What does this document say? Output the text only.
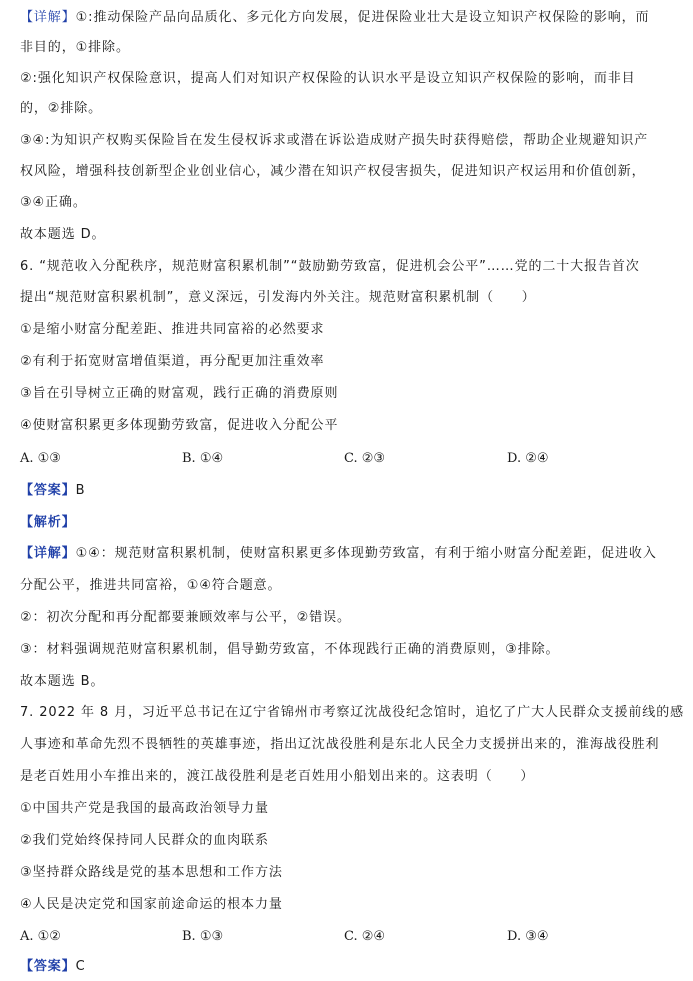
【详解】①:推动保险产品向品质化、多元化方向发展，促进保险业壮大是设立知识产权保险的影响，而
非目的，①排除。
②:强化知识产权保险意识，提高人们对知识产权保险的认识水平是设立知识产权保险的影响，而非目
的，②排除。
③④:为知识产权购买保险旨在发生侵权诉求或潜在诉讼造成财产损失时获得赔偿，帮助企业规避知识产
权风险，增强科技创新型企业创业信心，减少潜在知识产权侵害损失，促进知识产权运用和价值创新，
③④正确。
故本题选 D。
6. “规范收入分配秩序，规范财富积累机制”“鼓励勤劳致富，促进机会公平”……党的二十大报告首次
提出“规范财富积累机制”，意义深远，引发海内外关注。规范财富积累机制（　　）
①是缩小财富分配差距、推进共同富裕的必然要求
②有利于拓宽财富增值渠道，再分配更加注重效率
③旨在引导树立正确的财富观，践行正确的消费原则
④使财富积累更多体现勤劳致富，促进收入分配公平
A. ①③	B. ①④	C. ②③	D. ②④
【答案】B
【解析】
【详解】①④：规范财富积累机制，使财富积累更多体现勤劳致富，有利于缩小财富分配差距，促进收入
分配公平，推进共同富裕，①④符合题意。
②：初次分配和再分配都要兼顾效率与公平，②错误。
③：材料强调规范财富积累机制，倡导勤劳致富，不体现践行正确的消费原则，③排除。
故本题选 B。
7. 2022 年 8 月，习近平总书记在辽宁省锦州市考察辽沈战役纪念馆时，追忆了广大人民群众支援前线的感
人事迹和革命先烈不畏牺牲的英雄事迹，指出辽沈战役胜利是东北人民全力支援拼出来的，淮海战役胜利
是老百姓用小车推出来的，渡江战役胜利是老百姓用小船划出来的。这表明（　　）
①中国共产党是我国的最高政治领导力量
②我们党始终保持同人民群众的血肉联系
③坚持群众路线是党的基本思想和工作方法
④人民是决定党和国家前途命运的根本力量
A. ①②	B. ①③	C. ②④	D. ③④
【答案】C
